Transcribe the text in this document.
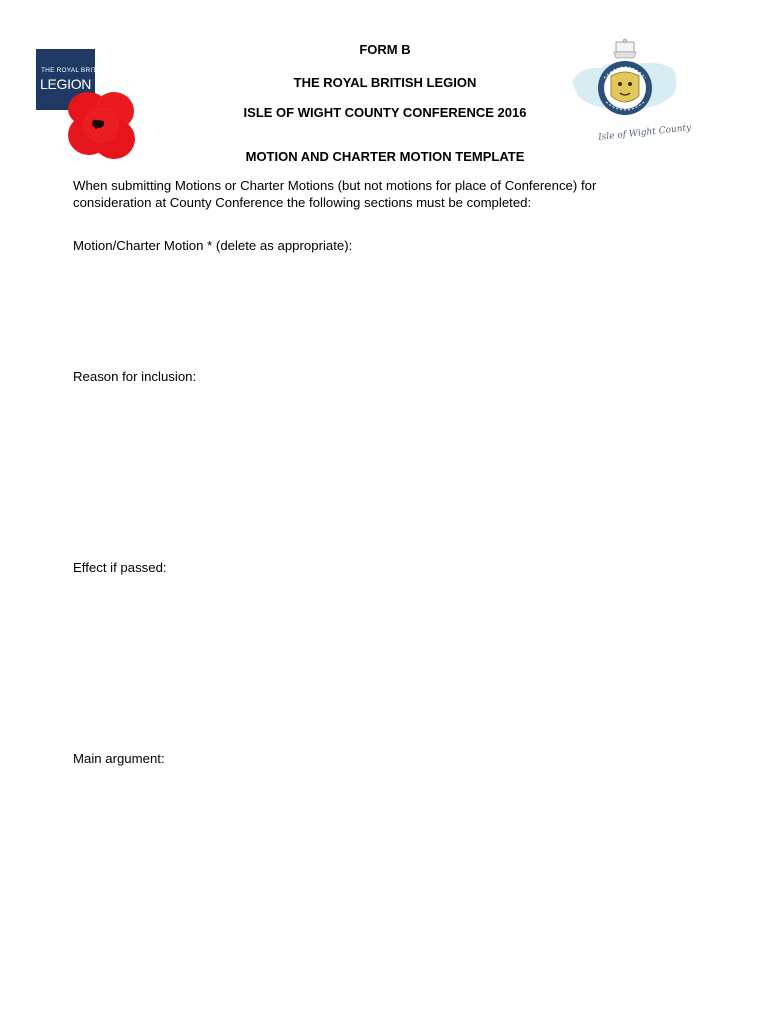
THE ROYAL BRITISH
LEGION
Isle of Wight County
FORM B
THE ROYAL BRITISH LEGION
ISLE OF WIGHT COUNTY CONFERENCE 2016
MOTION AND CHARTER MOTION TEMPLATE

When submitting Motions or Charter Motions (but not motions for place of Conference) for
consideration at County Conference the following sections must be completed:

Motion/Charter Motion * (delete as appropriate):

Reason for inclusion:

Effect if passed:

Main argument:
